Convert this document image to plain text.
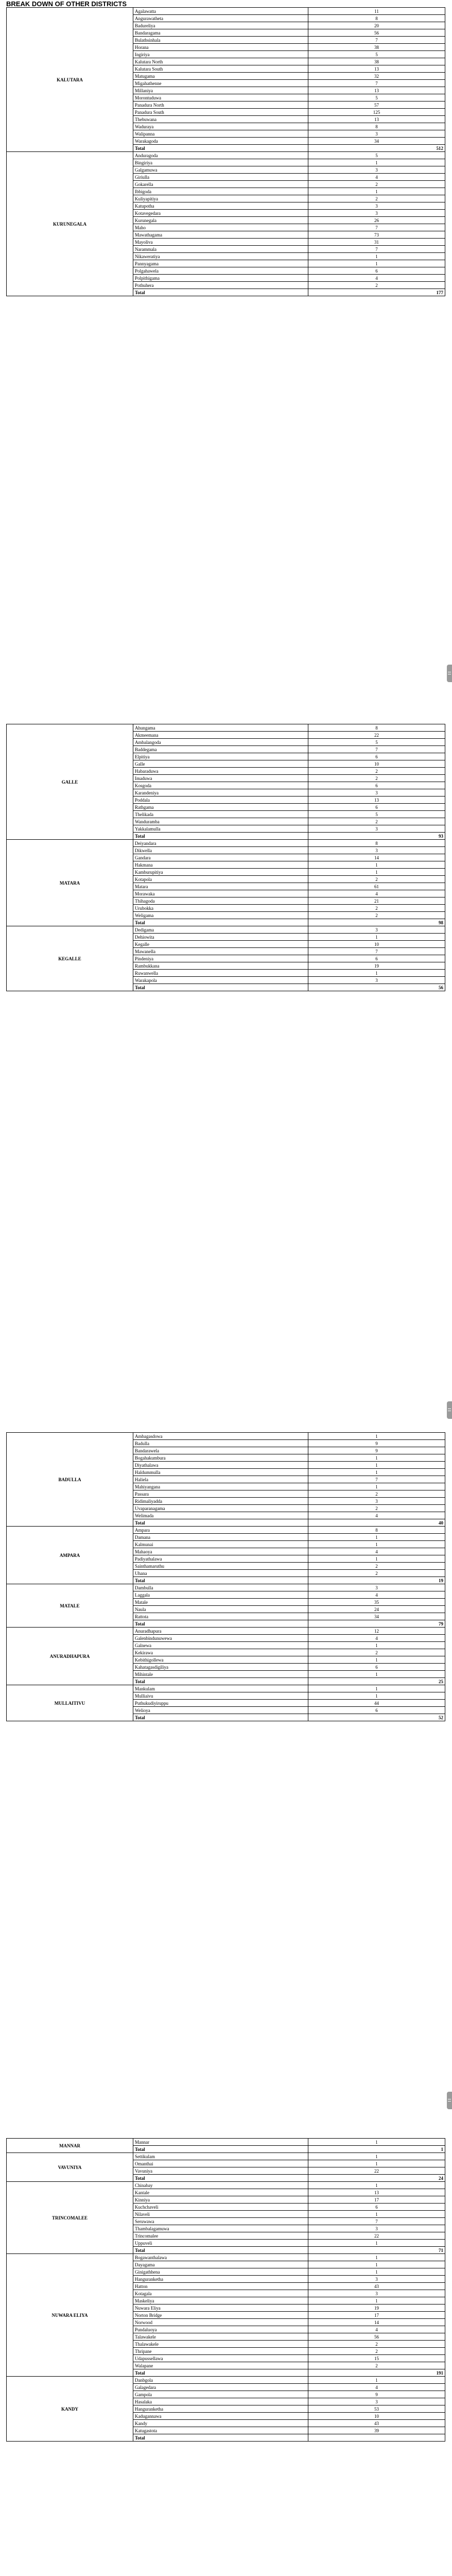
BREAK DOWN OF OTHER DISTRICTS

KALUTARA	Agalawatta	11
	Angurawatheta	8
	Badureliya	20
	Bandaragama	56
	Bulathsinhala	7
	Horana	38
	Ingiriya	5
	Kalutara North	38
	Kalutara South	13
	Matugama	32
	Migahathenne	7
	Millaniya	13
	Morontuduwa	5
	Panadura North	57
	Panadura South	125
	Thebuwana	13
	Waduraya	8
	Walipanna	3
	Warakagoda	34
	Total	512
KURUNEGALA	Anduragoda	5
	Bingiriya	1
	Galgamuwa	3
	Giriulla	4
	Gokarella	2
	Ibbigoda	1
	Kuliyapitiya	2
	Katupotha	3
	Kotavegedara	3
	Kurunegala	26
	Maho	7
	Mawathagama	73
	Mayoliva	31
	Narammala	7
	Nikaweratiya	1
	Pannyagama	1
	Polgahawela	6
	Polpithigama	4
	Pothuhera	2
	Total	177
GALLE	Ahungama	8
	Akmeemana	22
	Ambalangoda	5
	Baddegama	7
	Elpitiya	6
	Galle	10
	Habaraduwa	2
	Imaduwa	2
	Kosgoda	6
	Karandeniya	3
	Poddala	13
	Rathgama	6
	Thelikada	5
	Wanduramba	2
	Yakkalamulla	3
	Total	93
MATARA	Deiyandara	8
	Dikwella	3
	Gandara	14
	Hakmana	1
	Kamburupitiya	1
	Kotapola	2
	Matara	61
	Morawaka	4
	Thihagoda	21
	Urubokka	2
	Weligama	2
	Total	98
KEGALLE	Dedigama	3
	Dehiowita	1
	Kegalle	10
	Mawanella	7
	Pindeniya	6
	Rambukkana	19
	Ruwanwella	1
	Warakapola	3
	Total	56
BADULLA	Ambagasdowa	1
	Badulla	9
	Bandarawela	9
	Bogahakumbura	1
	Diyathalawa	1
	Haldummulla	1
	Haliela	7
	Mahiyangana	1
	Passara	2
	Ridimaliyadda	3
	Uvaparanagama	2
	Welimada	4
	Total	40
AMPARA	Ampara	8
	Damana	1
	Kalmunai	1
	Mahaoya	4
	Padiyathalawa	1
	Sainthamaruthu	2
	Uhana	2
	Total	19
MATALE	Dambulla	3
	Laggala	4
	Matale	35
	Naula	24
	Rattota	34
	Total	79
ANURADHAPURA	Anuradhapura	12
	Galenbindunuwewa	4
	Galnewa	1
	Kekirawa	2
	Kebithigollewa	1
	Kahatagasdigiliya	6
	Mihintale	1
	Total	25
MULLAITIVU	Mankulam	1
	Mulliaivu	1
	Puthukudiyiruppu	44
	Welioya	6
	Total	52
MANNAR	Mannar	1
	Total	1
VAVUNIYA	Settikulam	1
	Omanthai	1
	Vavuniya	22
	Total	24
TRINCOMALEE	Chinabay	1
	Kantale	13
	Kinniya	17
	Kuchchaveli	6
	Nilaveli	1
	Seruwawa	7
	Thambalagamuwa	3
	Trincomalee	22
	Uppuveli	1
	Total	71
NUWARA ELIYA	Bogawanthalawa	1
	Dayagama	1
	Ginigathhena	1
	Hanguranketha	3
	Hatton	43
	Kotagala	3
	Maskeliya	1
	Nuwara Eliya	19
	Norton Bridge	17
	Norwood	14
	Pundaluoya	4
	Talawakele	56
	Thalawakele	2
	Thripane	2
	Udapussellawa	15
	Walapane	2
	Total	191
KANDY	Danbgola	1
	Galagedara	4
	Gampola	9
	Hasalaka	3
	Hanguranketha	53
	Kadugannawa	10
	Kandy	43
	Katugastota	39
	Total	
